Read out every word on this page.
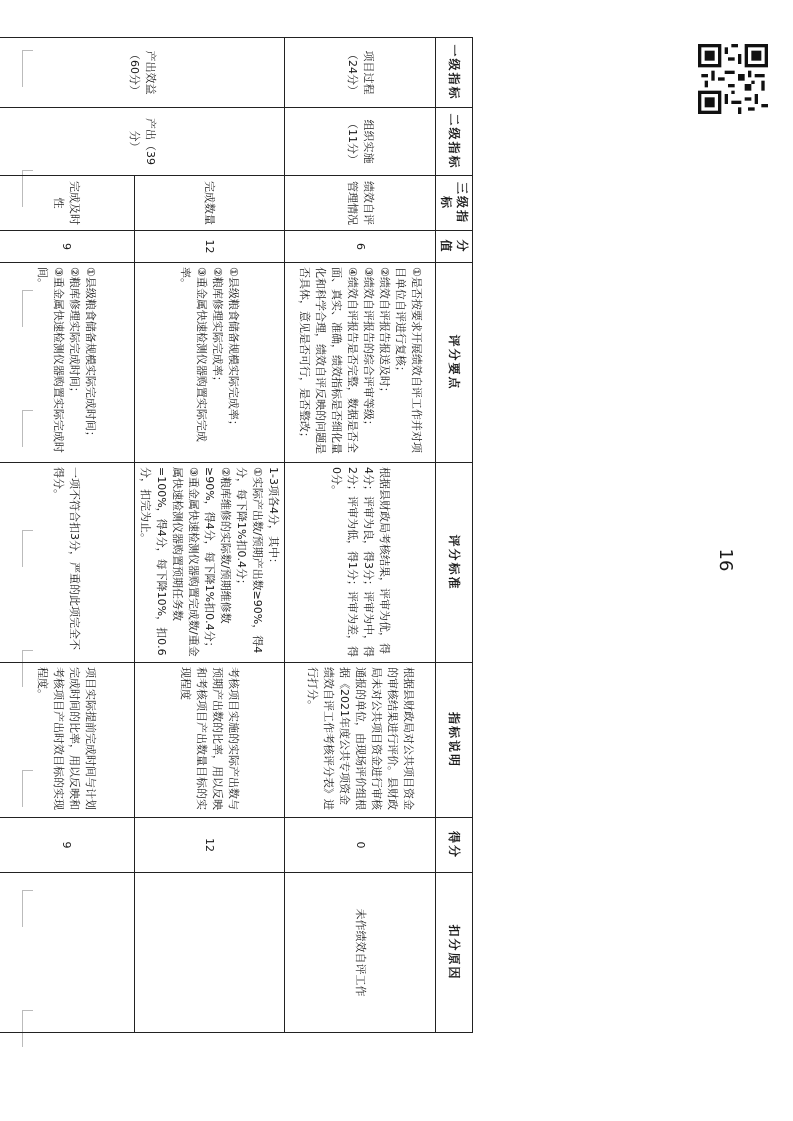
16
一级指标	二级指标	三级指标	分值	评分要点	评分标准	指标说明	得分	扣分原因
项目过程（24分）	组织实施（11分）	绩效自评管理情况	6	①是否按要求开展绩效自评工作并对项目单位自评进行复核；
②绩效自评报告报送及时；
③绩效自评报告的综合评审等级；
④绩效自评报告是否完整，数据是否全面、真实、准确，绩效指标是否细化量化和科学合理，绩效自评反映的问题是否具体，意见是否可行，是否整改；	根据县财政局考核结果，评审为优，得4分；评审为良，得3分；评审为中，得2分；评审为低，得1分；评审为差，得0分。	根据县财政局对公共项目资金的审核结果进行评价。县财政局未对公共项目资金进行审核通报的单位，由现场评价组根据《2021年度公共专项资金绩效自评工作考核评分表》进行打分。	0	未作绩效自评工作
产出效益（60分）	产出（39分）	完成数量	12	①县级粮食储备规模实际完成率；
②粮库修理实际完成率；
③重金属快速检测仪器购置实际完成率。	1-3项各4分，其中：
①实际产出数/预期产出数≥90%，得4分，每下降1%扣0.4分；
②粮库维修的实际数/预期维修数≥90%，得4分，每下降1%扣0.4分；
③重金属快速检测仪器购置完成数/重金属快速检测仪器购置预期任务数=100%，得4分，每下降10%，扣0.6分，扣完为止。	考核项目实施的实际产出数与预期产出数的比率，用以反映和考核项目产出数量目标的实现程度	12	
		完成及时性	9	①县级粮食储备规模实际完成时间；
②粮库修理实际完成时间；
③重金属快速检测仪器购置实际完成时间。	一项不符合扣3分，严重的此项完全不得分。	项目实际提前完成时间与计划完成时间的比率，用以反映和考核项目产出时效目标的实现程度。	9	
